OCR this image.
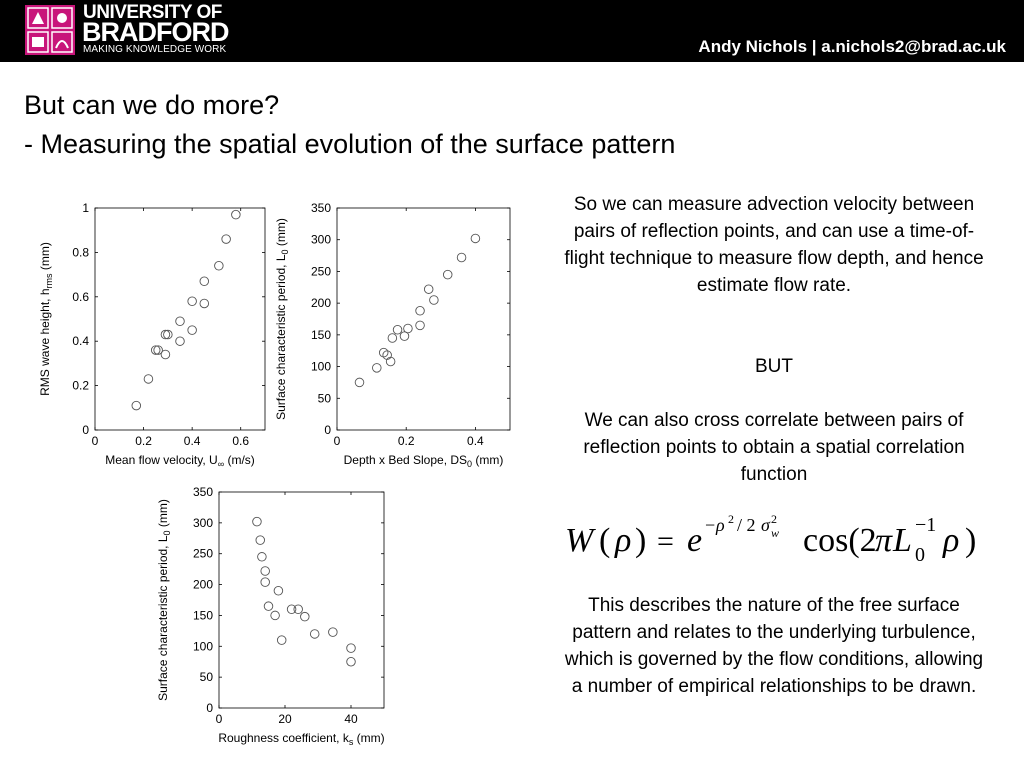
UNIVERSITY OF
BRADFORD
MAKING KNOWLEDGE WORK	Andy Nichols | a.nichols2@brad.ac.uk
But can we do more?
- Measuring the spatial evolution of the surface pattern
0	0.2	0.4	0.6
0
0.2
0.4
0.6
0.8
1
Mean flow velocity, $U_\infty$ (m/s)
RMS wave height, $h_{rms}$ (mm)
0	0.2	0.4
0
50
100
150
200
250
300
350
Depth x Bed Slope, $DS_0$ (mm)
Surface characteristic period, $L_0$ (mm)
0	20	40
0
50
100
150
200
250
300
350
Roughness coefficient, $k_s$ (mm)
Surface characteristic period, $L_0$ (mm)
So we can measure advection velocity between pairs of reflection points, and can use a time-of-flight technique to measure flow depth, and hence estimate flow rate.
BUT
We can also cross correlate between pairs of reflection points to obtain a spatial correlation function
W ( ρ ) = e − ρ 2 / 2 σ 2
w cos(2
π L 0
−1 ρ )
This describes the nature of the free surface pattern and relates to the underlying turbulence, which is governed by the flow conditions, allowing a number of empirical relationships to be drawn.
